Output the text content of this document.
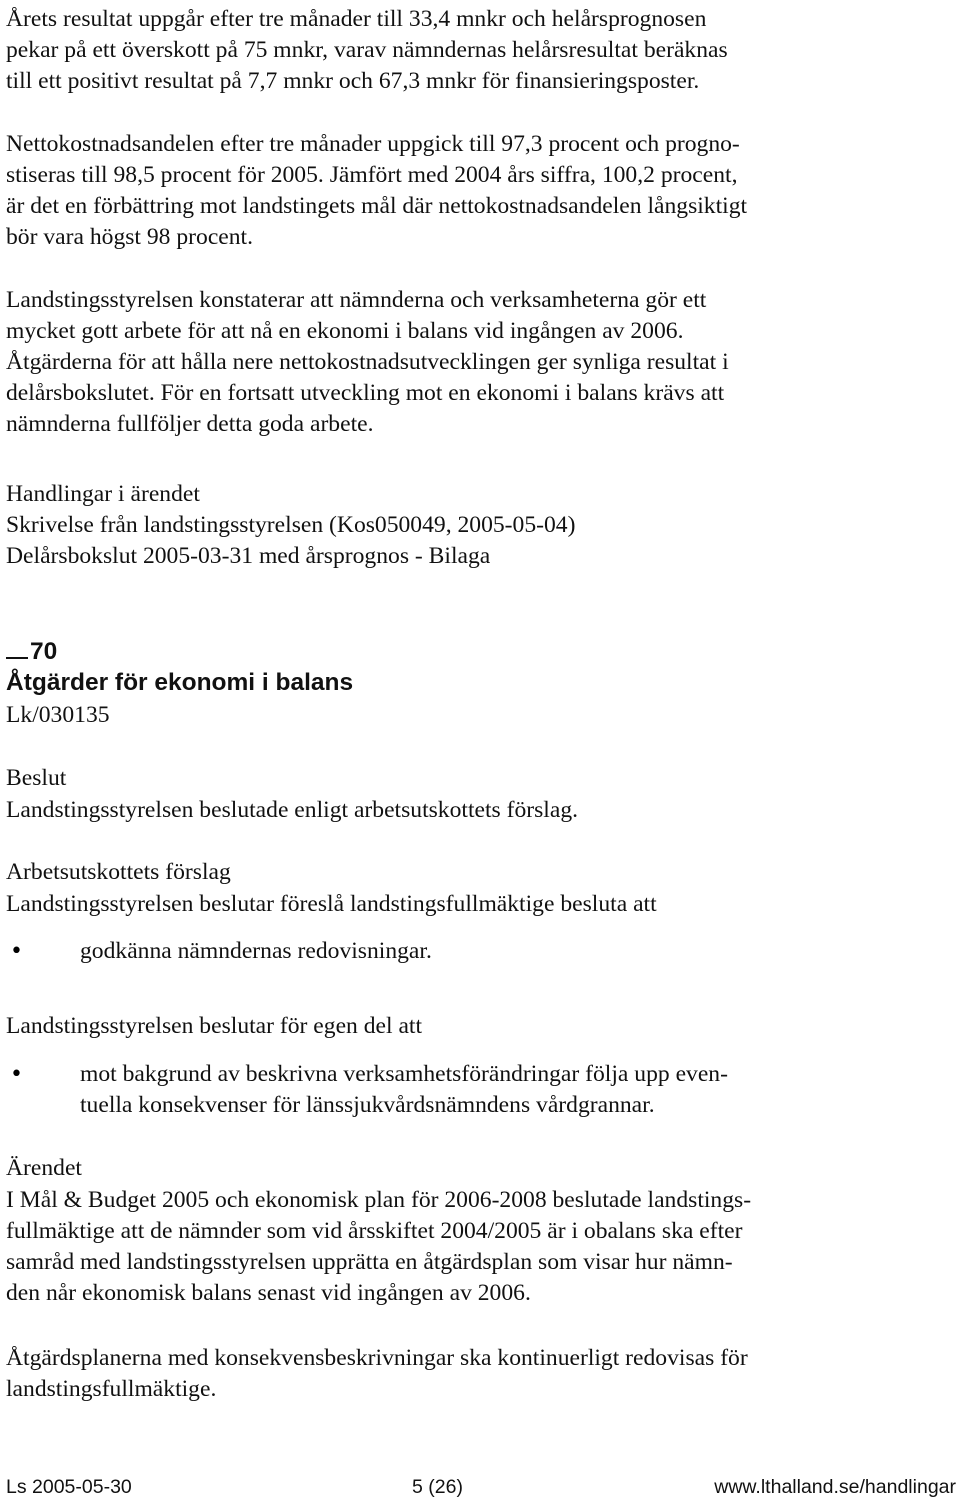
Årets resultat uppgår efter tre månader till 33,4 mnkr och helårsprognosen
pekar på ett överskott på 75 mnkr, varav nämndernas helårsresultat beräknas
till ett positivt resultat på 7,7 mnkr och 67,3 mnkr för finansieringsposter.
Nettokostnadsandelen efter tre månader uppgick till 97,3 procent och progno-
stiseras till 98,5 procent för 2005. Jämfört med 2004 års siffra, 100,2 procent,
är det en förbättring mot landstingets mål där nettokostnadsandelen långsiktigt
bör vara högst 98 procent.
Landstingsstyrelsen konstaterar att nämnderna och verksamheterna gör ett
mycket gott arbete för att nå en ekonomi i balans vid ingången av 2006.
Åtgärderna för att hålla nere nettokostnadsutvecklingen ger synliga resultat i
delårsbokslutet. För en fortsatt utveckling mot en ekonomi i balans krävs att
nämnderna fullföljer detta goda arbete.
Handlingar i ärendet
Skrivelse från landstingsstyrelsen (Kos050049, 2005-05-04)
Delårsbokslut 2005-03-31 med årsprognos - Bilaga
70
Åtgärder för ekonomi i balans
Lk/030135
Beslut
Landstingsstyrelsen beslutade enligt arbetsutskottets förslag.
Arbetsutskottets förslag
Landstingsstyrelsen beslutar föreslå landstingsfullmäktige besluta att
• godkänna nämndernas redovisningar.
Landstingsstyrelsen beslutar för egen del att
• mot bakgrund av beskrivna verksamhetsförändringar följa upp even-
tuella konsekvenser för länssjukvårdsnämndens vårdgrannar.
Ärendet
I Mål & Budget 2005 och ekonomisk plan för 2006-2008 beslutade landstings-
fullmäktige att de nämnder som vid årsskiftet 2004/2005 är i obalans ska efter
samråd med landstingsstyrelsen upprätta en åtgärdsplan som visar hur nämn-
den når ekonomisk balans senast vid ingången av 2006.
Åtgärdsplanerna med konsekvensbeskrivningar ska kontinuerligt redovisas för
landstingsfullmäktige.
Ls 2005-05-30	5 (26)	www.lthalland.se/handlingar
